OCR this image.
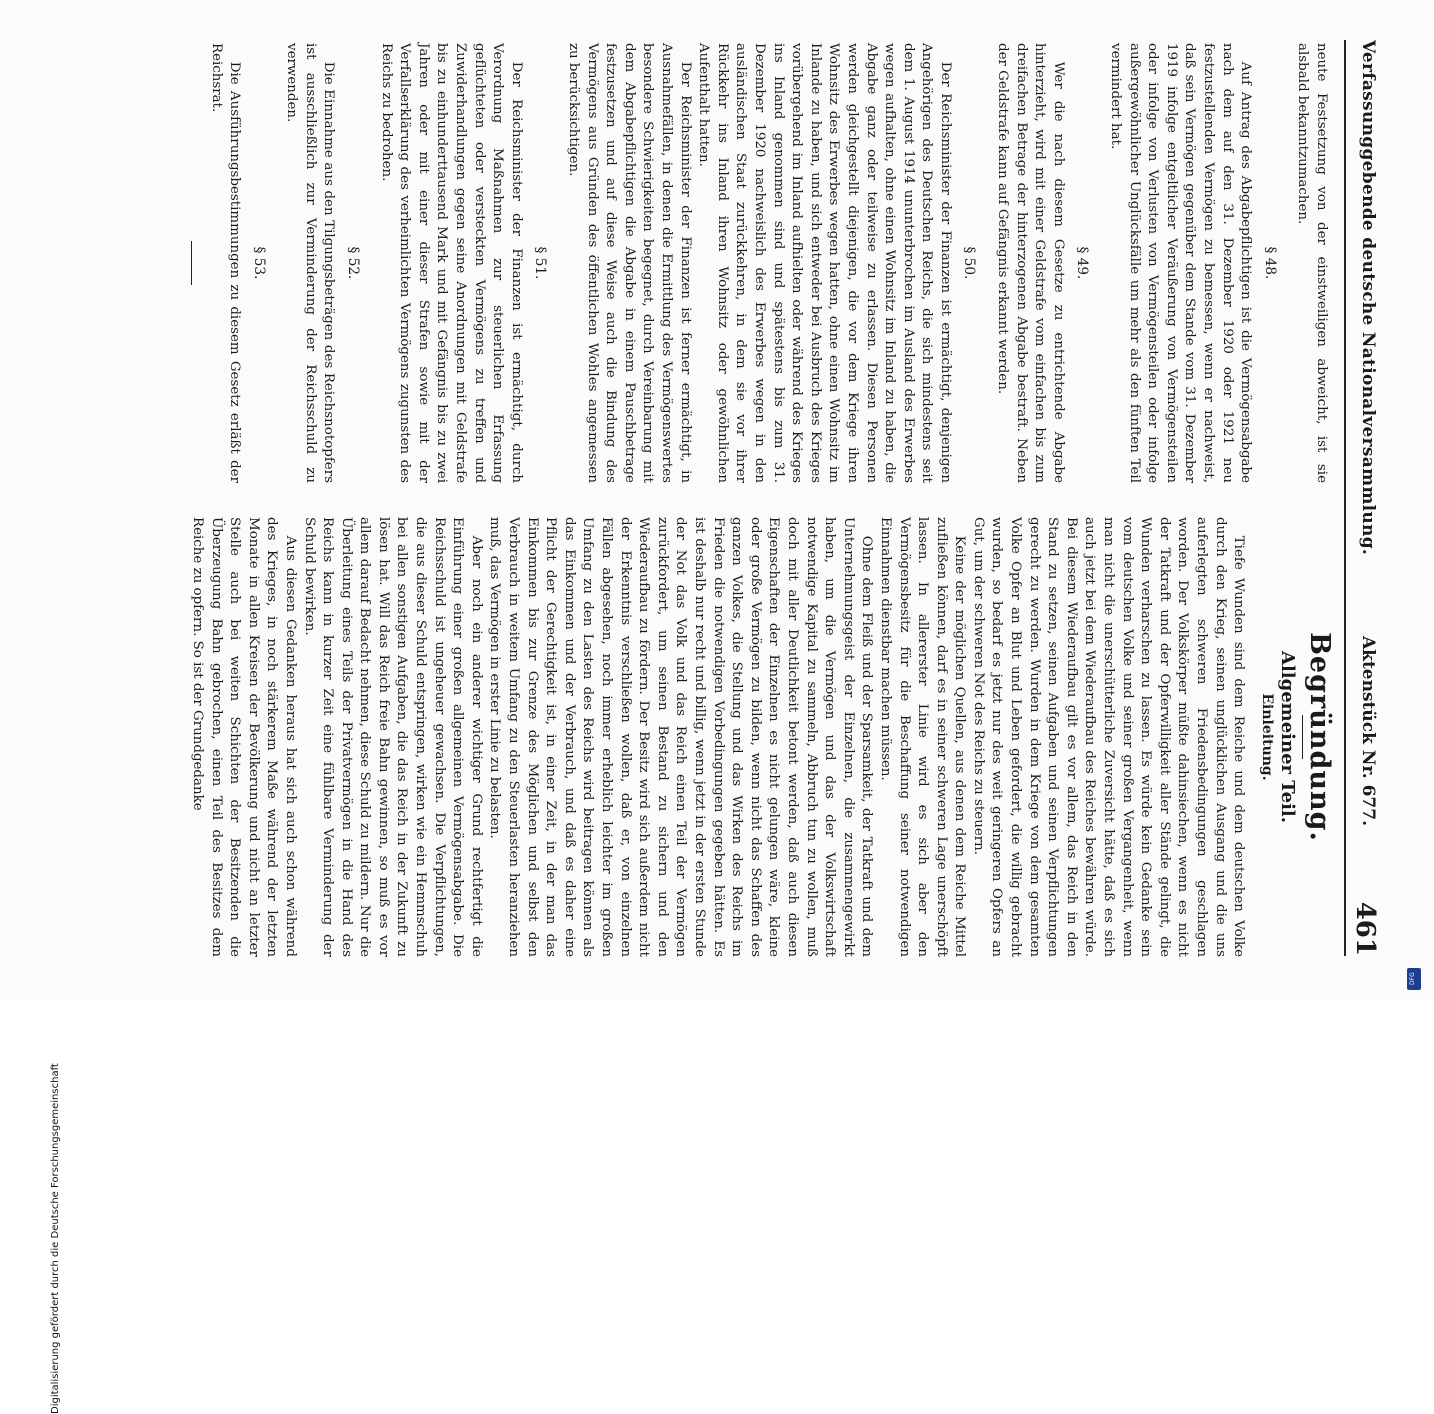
Verfassunggebende deutsche Nationalversammlung.
Aktenstück Nr. 677.
461

neute Festsetzung von der einstweiligen abweicht, ist sie alsbald bekanntzumachen.

§ 48.

Auf Antrag des Abgabepflichtigen ist die Vermögensabgabe nach dem auf den 31. Dezember 1920 oder 1921 neu festzustellenden Vermögen zu bemessen, wenn er nachweist, daß sein Vermögen gegenüber dem Stande vom 31. Dezember 1919 infolge entgeltlicher Veräußerung von Vermögensteilen oder infolge von Verlusten von Vermögensteilen oder infolge außergewöhnlicher Unglücksfälle um mehr als den fünften Teil vermindert hat.

§ 49.

Wer die nach diesem Gesetze zu entrichtende Abgabe hinterzieht, wird mit einer Geldstrafe vom einfachen bis zum dreifachen Betrage der hinterzogenen Abgabe bestraft. Neben der Geldstrafe kann auf Gefängnis erkannt werden.

§ 50.

Der Reichsminister der Finanzen ist ermächtigt, denjenigen Angehörigen des Deutschen Reichs, die sich mindestens seit dem 1. August 1914 ununterbrochen im Ausland des Erwerbes wegen aufhalten, ohne einen Wohnsitz im Inland zu haben, die Abgabe ganz oder teilweise zu erlassen. Diesen Personen werden gleichgestellt diejenigen, die vor dem Kriege ihren Wohnsitz des Erwerbes wegen hatten, ohne einen Wohnsitz im Inlande zu haben, und sich entweder bei Ausbruch des Krieges vorübergehend im Inland aufhielten oder während des Krieges ins Inland genommen sind und spätestens bis zum 31. Dezember 1920 nachweislich des Erwerbes wegen in den ausländischen Staat zurückkehren, in dem sie vor ihrer Rückkehr ins Inland ihren Wohnsitz oder gewöhnlichen Aufenthalt hatten.

Der Reichsminister der Finanzen ist ferner ermächtigt, in Ausnahmefällen, in denen die Ermittlung des Vermögenswertes besondere Schwierigkeiten begegnet, durch Vereinbarung mit dem Abgabepflichtigen die Abgabe in einem Pauschbetrage festzusetzen und auf diese Weise auch die Bindung des Vermögens aus Gründen des öffentlichen Wohles angemessen zu berücksichtigen.

§ 51.

Der Reichsminister der Finanzen ist ermächtigt, durch Verordnung Maßnahmen zur steuerlichen Erfassung geflüchteten oder versteckten Vermögens zu treffen und Zuwiderhandlungen gegen seine Anordnungen mit Geldstrafe bis zu einhunderttausend Mark und mit Gefängnis bis zu zwei Jahren oder mit einer dieser Strafen sowie mit der Verfallserklärung des verheimlichten Vermögens zugunsten des Reichs zu bedrohen.

§ 52.

Die Einnahme aus den Tilgungsbeträgen des Reichsnotopfers ist ausschließlich zur Verminderung der Reichsschuld zu verwenden.

§ 53.

Die Ausführungsbestimmungen zu diesem Gesetz erläßt der Reichsrat.

Begründung.
Allgemeiner Teil.
Einleitung.

Tiefe Wunden sind dem Reiche und dem deutschen Volke durch den Krieg, seinen unglücklichen Ausgang und die uns auferlegten schweren Friedensbedingungen geschlagen worden. Der Volkskörper müßte dahinsiechen, wenn es nicht der Tatkraft und der Opferwilligkeit aller Stände gelingt, die Wunden verharschen zu lassen. Es würde kein Gedanke sein vom deutschen Volke und seiner großen Vergangenheit, wenn man nicht die unerschütterliche Zuversicht hätte, daß es sich auch jetzt bei dem Wiederaufbau des Reiches bewähren würde. Bei diesem Wiederaufbau gilt es vor allem, das Reich in den Stand zu setzen, seinen Aufgaben und seinen Verpflichtungen gerecht zu werden. Wurden in dem Kriege von dem gesamten Volke Opfer an Blut und Leben gefordert, die willig gebracht wurden, so bedarf es jetzt nur des weit geringeren Opfers an Gut, um der schweren Not des Reichs zu steuern.

Keine der möglichen Quellen, aus denen dem Reiche Mittel zufließen können, darf es in seiner schweren Lage unerschöpft lassen. In allererster Linie wird es sich aber den Vermögensbesitz für die Beschaffung seiner notwendigen Einnahmen dienstbar machen müssen.

Ohne dem Fleiß und der Sparsamkeit, der Tatkraft und dem Unternehmungsgeist der Einzelnen, die zusammengewirkt haben, um die Vermögen und das der Volkswirtschaft notwendige Kapital zu sammeln, Abbruch tun zu wollen, muß doch mit aller Deutlichkeit betont werden, daß auch diesen Eigenschaften der Einzelnen es nicht gelungen wäre, kleine oder große Vermögen zu bilden, wenn nicht das Schaffen des ganzen Volkes, die Stellung und das Wirken des Reichs im Frieden die notwendigen Vorbedingungen gegeben hätten. Es ist deshalb nur recht und billig, wenn jetzt in der ersten Stunde der Not das Volk und das Reich einen Teil der Vermögen zurückfordert, um seinen Bestand zu sichern und den Wiederaufbau zu fördern. Der Besitz wird sich außerdem nicht der Erkenntnis verschließen wollen, daß er, von einzelnen Fällen abgesehen, noch immer erheblich leichter im großen Umfang zu den Lasten des Reichs wird beitragen können als das Einkommen und der Verbrauch, und daß es daher eine Pflicht der Gerechtigkeit ist, in einer Zeit, in der man das Einkommen bis zur Grenze des Möglichen und selbst den Verbrauch in weitem Umfang zu den Steuerlasten heranziehen muß, das Vermögen in erster Linie zu belasten.

Aber noch ein anderer wichtiger Grund rechtfertigt die Einführung einer großen allgemeinen Vermögensabgabe. Die Reichsschuld ist ungeheuer gewachsen. Die Verpflichtungen, die aus dieser Schuld entspringen, wirken wie ein Hemmschuh bei allen sonstigen Aufgaben, die das Reich in der Zukunft zu lösen hat. Will das Reich freie Bahn gewinnen, so muß es vor allem darauf Bedacht nehmen, diese Schuld zu mildern. Nur die Überleitung eines Teils der Privatvermögen in die Hand des Reichs kann in kurzer Zeit eine fühlbare Verminderung der Schuld bewirken.

Aus diesen Gedanken heraus hat sich auch schon während des Krieges, in noch stärkerem Maße während der letzten Monate in allen Kreisen der Bevölkerung und nicht an letzter Stelle auch bei weiten Schichten der Besitzenden die Überzeugung Bahn gebrochen, einen Teil des Besitzes dem Reiche zu opfern. So ist der Grundgedanke

Digitalisierung gefördert durch die Deutsche Forschungsgemeinschaft
DFG
